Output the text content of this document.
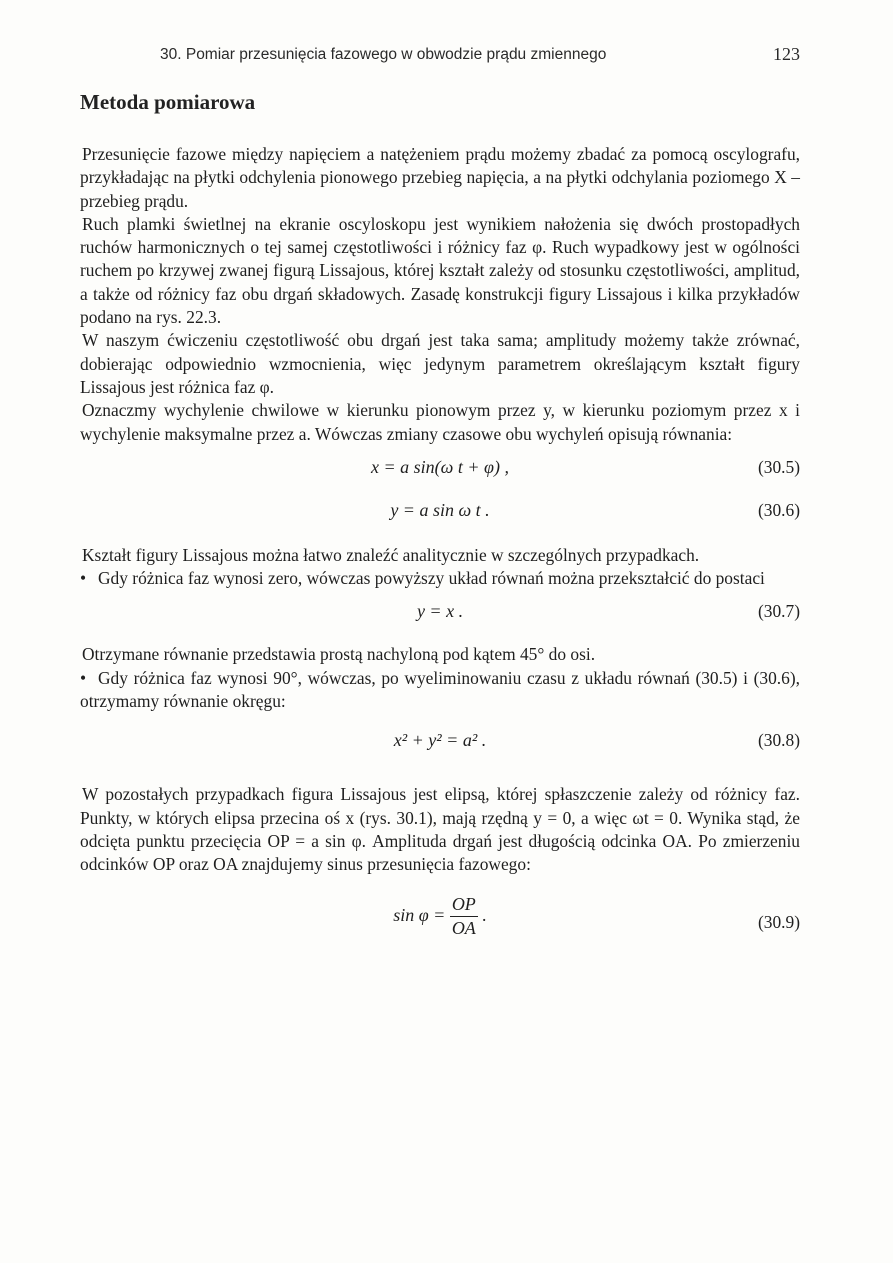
30. Pomiar przesunięcia fazowego w obwodzie prądu zmiennego	123
Metoda pomiarowa

Przesunięcie fazowe między napięciem a natężeniem prądu możemy zbadać za pomocą oscylografu, przykładając na płytki odchylenia pionowego przebieg napięcia, a na płytki odchylania poziomego X – przebieg prądu.

Ruch plamki świetlnej na ekranie oscyloskopu jest wynikiem nałożenia się dwóch prostopadłych ruchów harmonicznych o tej samej częstotliwości i różnicy faz φ. Ruch wypadkowy jest w ogólności ruchem po krzywej zwanej figurą Lissajous, której kształt zależy od stosunku częstotliwości, amplitud, a także od różnicy faz obu drgań składowych. Zasadę konstrukcji figury Lissajous i kilka przykładów podano na rys. 22.3.

W naszym ćwiczeniu częstotliwość obu drgań jest taka sama; amplitudy możemy także zrównać, dobierając odpowiednio wzmocnienia, więc jedynym parametrem określającym kształt figury Lissajous jest różnica faz φ.

Oznaczmy wychylenie chwilowe w kierunku pionowym przez y, w kierunku poziomym przez x i wychylenie maksymalne przez a. Wówczas zmiany czasowe obu wychyleń opisują równania:

x = a sin(ω t + φ) ,	(30.5)
y = a sin ω t .	(30.6)

Kształt figury Lissajous można łatwo znaleźć analitycznie w szczególnych przypadkach.

• Gdy różnica faz wynosi zero, wówczas powyższy układ równań można przekształcić do postaci
y = x .	(30.7)

Otrzymane równanie przedstawia prostą nachyloną pod kątem 45° do osi.

• Gdy różnica faz wynosi 90°, wówczas, po wyeliminowaniu czasu z układu równań (30.5) i (30.6), otrzymamy równanie okręgu:
x² + y² = a² .	(30.8)

W pozostałych przypadkach figura Lissajous jest elipsą, której spłaszczenie zależy od różnicy faz. Punkty, w których elipsa przecina oś x (rys. 30.1), mają rzędną y = 0, a więc ωt = 0. Wynika stąd, że odcięta punktu przecięcia OP = a sin φ. Amplituda drgań jest długością odcinka OA. Po zmierzeniu odcinków OP oraz OA znajdujemy sinus przesunięcia fazowego:

$\sin \varphi = \frac{OP}{OA}$ .	(30.9)
